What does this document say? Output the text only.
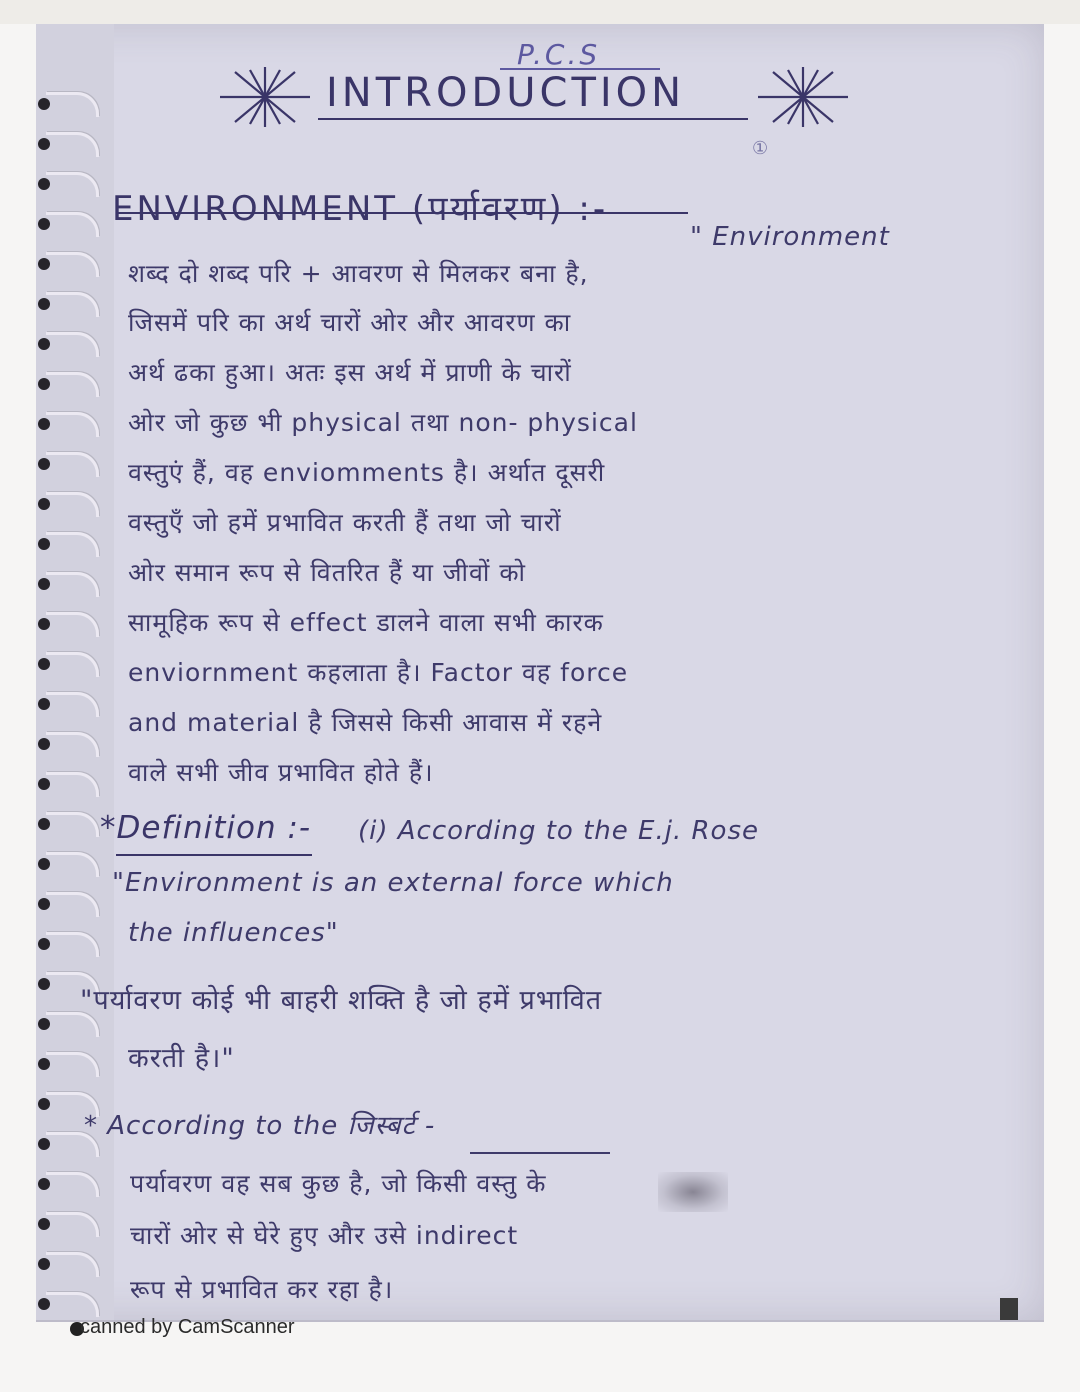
P.C.S
INTRODUCTION
①
ENVIRONMENT (पर्यावरण) :-
" Environment
शब्द दो शब्द परि + आवरण से मिलकर बना है,
जिसमें परि का अर्थ चारों ओर और आवरण का
अर्थ ढका हुआ। अतः इस अर्थ में प्राणी के चारों
ओर जो कुछ भी physical तथा non- physical
वस्तुएं हैं, वह enviomments है। अर्थात दूसरी
वस्तुएँ जो हमें प्रभावित करती हैं तथा जो चारों
ओर समान रूप से वितरित हैं या जीवों को
सामूहिक रूप से effect डालने वाला सभी कारक
enviornment कहलाता है। Factor वह force
and material है जिससे किसी आवास में रहने
वाले सभी जीव प्रभावित होते हैं।
*Definition :- (i) According to the E.j. Rose
"Environment is an external force which
the influences"
"पर्यावरण कोई भी बाहरी शक्ति है जो हमें प्रभावित
करती है।"
* According to the जिस्बर्ट -
पर्यावरण वह सब कुछ है, जो किसी वस्तु के
चारों ओर से घेरे हुए और उसे indirect
रूप से प्रभावित कर रहा है।
canned by CamScanner
